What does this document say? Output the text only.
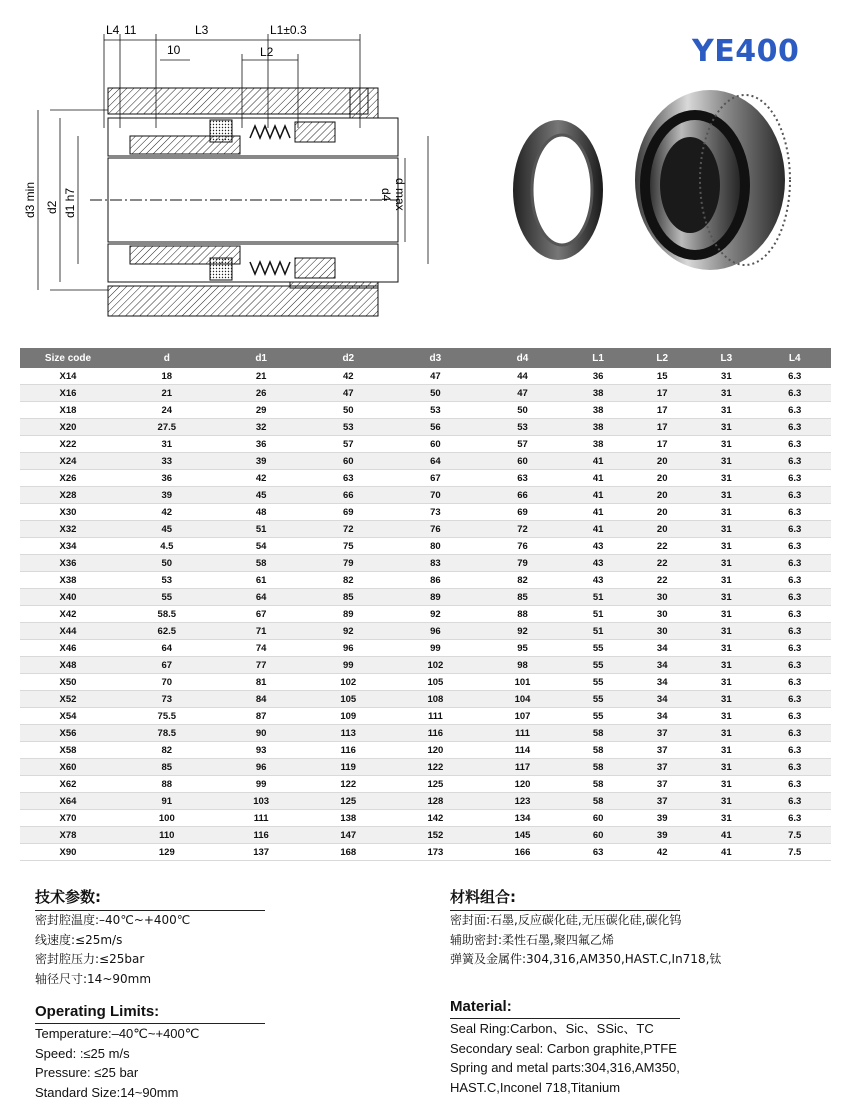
L4 11	L3	L1±0.3
10	L2
d3 min d2 d1 h7	d max
d4
YE400
Size code	d	d1	d2	d3	d4	L1	L2	L3	L4
X14	18	21	42	47	44	36	15	31	6.3
X16	21	26	47	50	47	38	17	31	6.3
X18	24	29	50	53	50	38	17	31	6.3
X20	27.5	32	53	56	53	38	17	31	6.3
X22	31	36	57	60	57	38	17	31	6.3
X24	33	39	60	64	60	41	20	31	6.3
X26	36	42	63	67	63	41	20	31	6.3
X28	39	45	66	70	66	41	20	31	6.3
X30	42	48	69	73	69	41	20	31	6.3
X32	45	51	72	76	72	41	20	31	6.3
X34	4.5	54	75	80	76	43	22	31	6.3
X36	50	58	79	83	79	43	22	31	6.3
X38	53	61	82	86	82	43	22	31	6.3
X40	55	64	85	89	85	51	30	31	6.3
X42	58.5	67	89	92	88	51	30	31	6.3
X44	62.5	71	92	96	92	51	30	31	6.3
X46	64	74	96	99	95	55	34	31	6.3
X48	67	77	99	102	98	55	34	31	6.3
X50	70	81	102	105	101	55	34	31	6.3
X52	73	84	105	108	104	55	34	31	6.3
X54	75.5	87	109	111	107	55	34	31	6.3
X56	78.5	90	113	116	111	58	37	31	6.3
X58	82	93	116	120	114	58	37	31	6.3
X60	85	96	119	122	117	58	37	31	6.3
X62	88	99	122	125	120	58	37	31	6.3
X64	91	103	125	128	123	58	37	31	6.3
X70	100	111	138	142	134	60	39	31	6.3
X78	110	116	147	152	145	60	39	41	7.5
X90	129	137	168	173	166	63	42	41	7.5
技术参数:
密封腔温度:–40℃~+400℃
线速度:≤25m/s
密封腔压力:≤25bar
轴径尺寸:14~90mm
材料组合:
密封面:石墨,反应碳化硅,无压碳化硅,碳化钨
辅助密封:柔性石墨,聚四氟乙烯
弹簧及金属件:304,316,AM350,HAST.C,In718,钛
Operating Limits:
Temperature:–40℃~+400℃
Speed: :≤25 m/s
Pressure: ≤25 bar
Standard Size:14~90mm
Material:
Seal Ring:Carbon、Sic、SSic、TC
Secondary seal: Carbon graphite,PTFE
Spring and metal parts:304,316,AM350,
HAST.C,Inconel 718,Titanium
